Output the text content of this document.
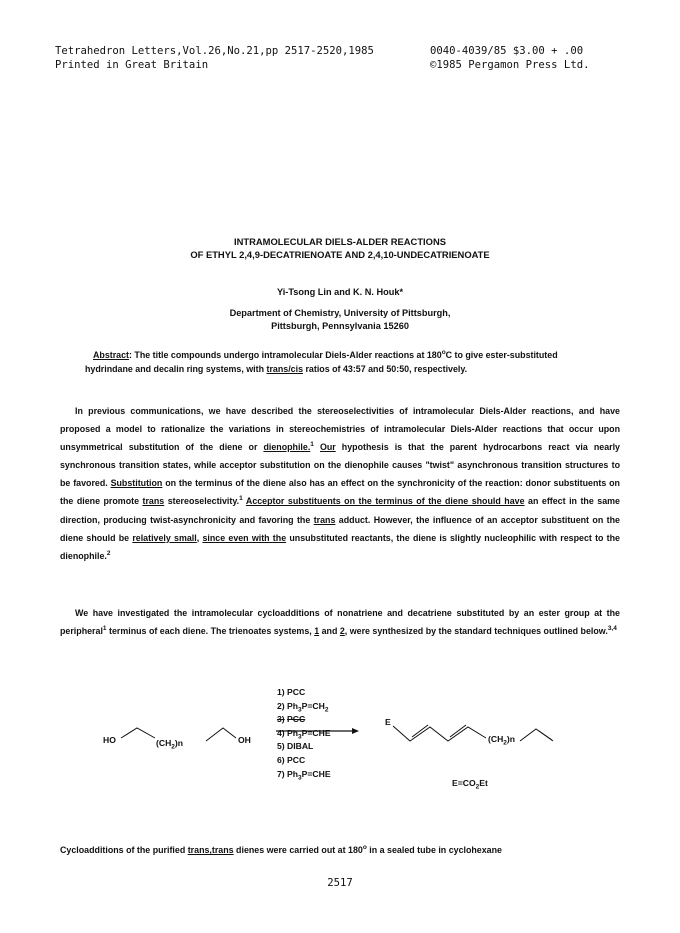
Tetrahedron Letters,Vol.26,No.21,pp 2517-2520,1985
Printed in Great Britain
0040-4039/85 $3.00 + .00
©1985 Pergamon Press Ltd.
INTRAMOLECULAR DIELS-ALDER REACTIONS
OF ETHYL 2,4,9-DECATRIENOATE AND 2,4,10-UNDECATRIENOATE
Yi-Tsong Lin and K. N. Houk*
Department of Chemistry, University of Pittsburgh,
Pittsburgh, Pennsylvania 15260
Abstract: The title compounds undergo intramolecular Diels-Alder reactions at 180$^o$C to give ester-substituted hydrindane and decalin ring systems, with trans/cis ratios of 43:57 and 50:50, respectively.

In previous communications, we have described the stereoselectivities of intramolecular Diels-Alder reactions, and have proposed a model to rationalize the variations in stereochemistries of intramolecular Diels-Alder reactions that occur upon unsymmetrical substitution of the diene or dienophile.$^1$ Our hypothesis is that the parent hydrocarbons react via nearly synchronous transition states, while acceptor substitution on the dienophile causes "twist" asynchronous transition structures to be favored. Substitution on the terminus of the diene also has an effect on the synchronicity of the reaction: donor substituents on the diene promote trans stereoselectivity.$^1$ Acceptor substituents on the terminus of the diene should have an effect in the same direction, producing twist-asynchronicity and favoring the trans adduct. However, the influence of an acceptor substituent on the diene should be relatively small, since even with the unsubstituted reactants, the diene is slightly nucleophilic with respect to the dienophile.$^2$

We have investigated the intramolecular cycloadditions of nonatriene and decatriene substituted by an ester group at the peripheral$^1$ terminus of each diene. The trienoates systems, 1 and 2, were synthesized by the standard techniques outlined below.$^{3,4}$

HO	$(CH_2)n$	OH
1) PCC
2) $Ph_3P=CH_2$
3) PCC
4) $Ph_3P=CHE$
5) DIBAL
6) PCC
7) $Ph_3P=CHE$
E
$(CH_2)n$
$E=CO_2Et$
Cycloadditions of the purified trans,trans dienes were carried out at 180$^o$ in a sealed tube in cyclohexane
2517
